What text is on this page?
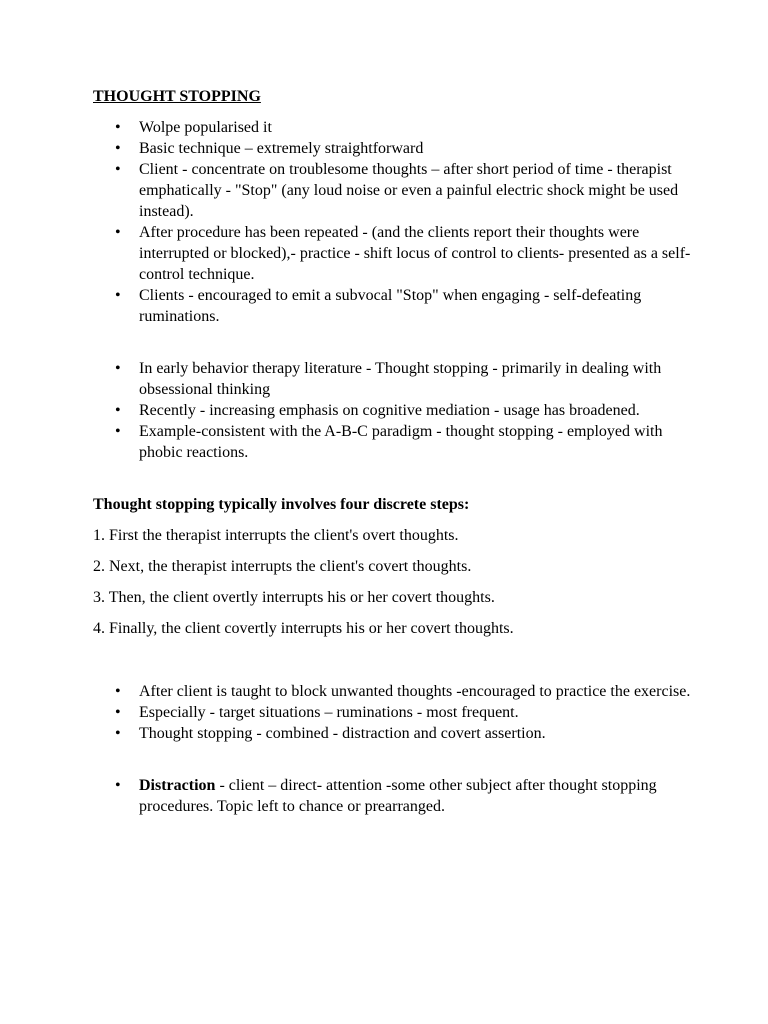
THOUGHT STOPPING
• Wolpe popularised it
• Basic technique – extremely straightforward
• Client - concentrate on troublesome thoughts – after short period of time - therapist emphatically - "Stop" (any loud noise or even a painful electric shock might be used instead).
• After procedure has been repeated - (and the clients report their thoughts were interrupted or blocked),- practice - shift locus of control to clients- presented as a self-control technique.
• Clients - encouraged to emit a subvocal "Stop" when engaging - self-defeating ruminations.
• In early behavior therapy literature - Thought stopping - primarily in dealing with obsessional thinking
• Recently - increasing emphasis on cognitive mediation - usage has broadened.
• Example-consistent with the A-B-C paradigm - thought stopping - employed with phobic reactions.
Thought stopping typically involves four discrete steps:

1. First the therapist interrupts the client's overt thoughts.

2. Next, the therapist interrupts the client's covert thoughts.

3. Then, the client overtly interrupts his or her covert thoughts.

4. Finally, the client covertly interrupts his or her covert thoughts.

• After client is taught to block unwanted thoughts -encouraged to practice the exercise.
• Especially - target situations – ruminations - most frequent.
• Thought stopping - combined - distraction and covert assertion.
• Distraction - client – direct- attention -some other subject after thought stopping procedures. Topic left to chance or prearranged.
